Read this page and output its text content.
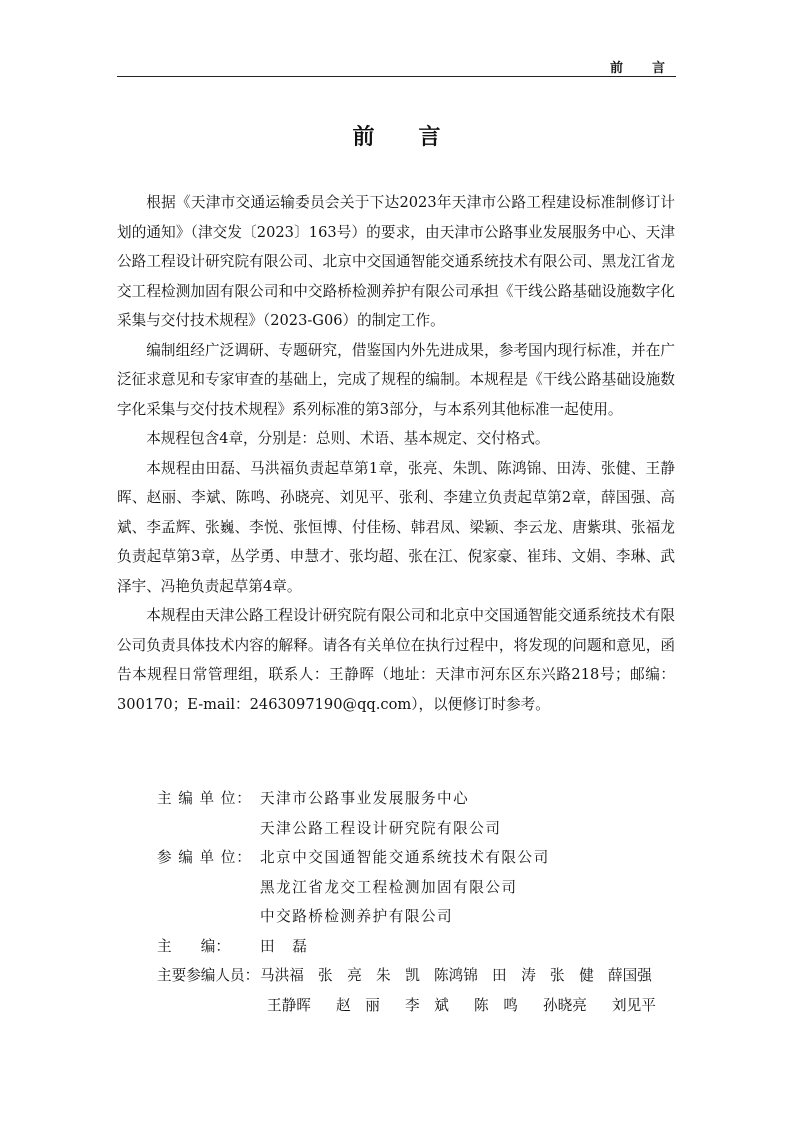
前　言
前 言

根据《天津市交通运输委员会关于下达2023年天津市公路工程建设标准制修订计划的通知》（津交发〔2023〕163号）的要求，由天津市公路事业发展服务中心、天津公路工程设计研究院有限公司、北京中交国通智能交通系统技术有限公司、黑龙江省龙交工程检测加固有限公司和中交路桥检测养护有限公司承担《干线公路基础设施数字化采集与交付技术规程》（2023-G06）的制定工作。

编制组经广泛调研、专题研究，借鉴国内外先进成果，参考国内现行标准，并在广泛征求意见和专家审查的基础上，完成了规程的编制。本规程是《干线公路基础设施数字化采集与交付技术规程》系列标准的第3部分，与本系列其他标准一起使用。

本规程包含4章，分别是：总则、术语、基本规定、交付格式。

本规程由田磊、马洪福负责起草第1章，张亮、朱凯、陈鸿锦、田涛、张健、王静晖、赵丽、李斌、陈鸣、孙晓亮、刘见平、张利、李建立负责起草第2章，薛国强、高斌、李孟辉、张巍、李悦、张恒博、付佳杨、韩君凤、梁颖、李云龙、唐紫琪、张福龙负责起草第3章，丛学勇、申慧才、张均超、张在江、倪家豪、崔玮、文娟、李琳、武泽宇、冯艳负责起草第4章。

本规程由天津公路工程设计研究院有限公司和北京中交国通智能交通系统技术有限公司负责具体技术内容的解释。请各有关单位在执行过程中，将发现的问题和意见，函告本规程日常管理组，联系人：王静晖（地址：天津市河东区东兴路218号；邮编：300170；E-mail：2463097190@qq.com），以便修订时参考。

主 编 单 位： 天津市公路事业发展服务中心
天津公路工程设计研究院有限公司
参 编 单 位： 北京中交国通智能交通系统技术有限公司
黑龙江省龙交工程检测加固有限公司
中交路桥检测养护有限公司
主　　编：	田　磊
主要参编人员： 马洪福 张　亮 朱　凯 陈鸿锦 田　涛 张　健 薛国强
王静晖	赵　丽	李　斌	陈　鸣	孙晓亮	刘见平
